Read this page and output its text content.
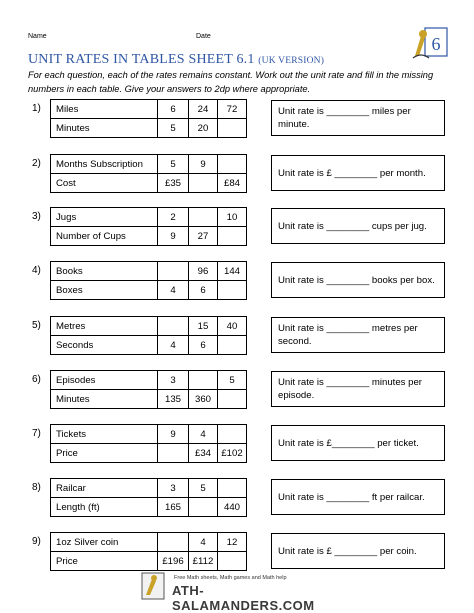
Name	Date	6
UNIT RATES IN TABLES SHEET 6.1 (UK VERSION)
For each question, each of the rates remains constant. Work out the unit rate and fill in the missing numbers in each table. Give your answers to 2dp where appropriate.
1) Miles	6	24	72
Minutes	5	20	
Unit rate is ________ miles per minute.
2) Months Subscription	5	9	
Cost	£35		£84
Unit rate is £ ________ per month.
3) Jugs	2		10
Number of Cups	9	27	
Unit rate is ________ cups per jug.
4) Books		96	144
Boxes	4	6	
Unit rate is ________ books per box.
5) Metres		15	40
Seconds	4	6	
Unit rate is ________ metres per second.
6) Episodes	3		5
Minutes	135	360	
Unit rate is ________ minutes per episode.
7) Tickets	9	4	
Price		£34	£102
Unit rate is £________ per ticket.
8) Railcar	3	5	
Length (ft)	165		440
Unit rate is ________ ft per railcar.
9) 1oz Silver coin		4	12
Price	£196	£112	
Unit rate is £ ________ per coin.
Free Math sheets, Math games and Math help
ATH-SALAMANDERS.COM
